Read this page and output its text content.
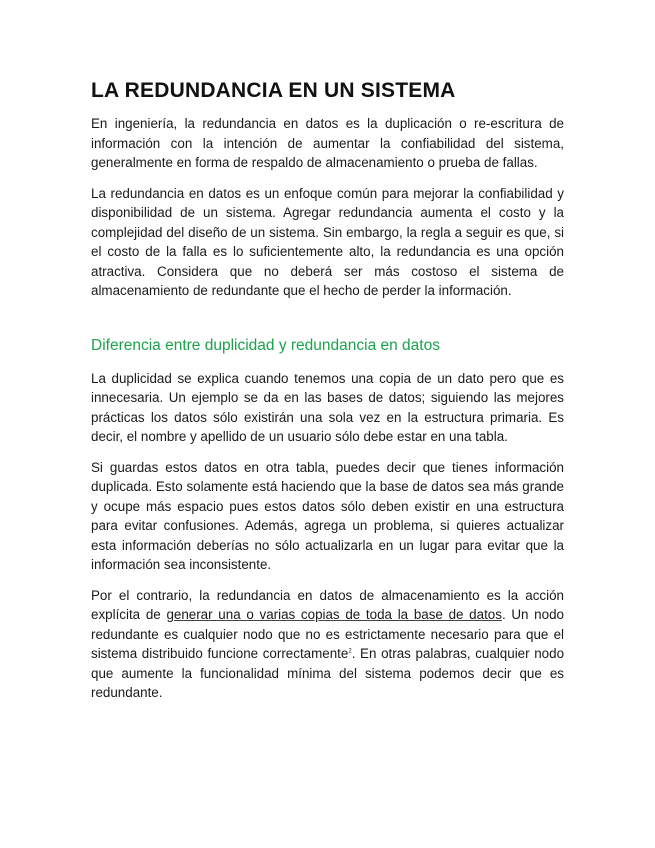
LA REDUNDANCIA EN UN SISTEMA

En ingeniería, la redundancia en datos es la duplicación o re-escritura de información con la intención de aumentar la confiabilidad del sistema, generalmente en forma de respaldo de almacenamiento o prueba de fallas.

La redundancia en datos es un enfoque común para mejorar la confiabilidad y disponibilidad de un sistema. Agregar redundancia aumenta el costo y la complejidad del diseño de un sistema. Sin embargo, la regla a seguir es que, si el costo de la falla es lo suficientemente alto, la redundancia es una opción atractiva. Considera que no deberá ser más costoso el sistema de almacenamiento de redundante que el hecho de perder la información.

Diferencia entre duplicidad y redundancia en datos

La duplicidad se explica cuando tenemos una copia de un dato pero que es innecesaria. Un ejemplo se da en las bases de datos; siguiendo las mejores prácticas los datos sólo existirán una sola vez en la estructura primaria. Es decir, el nombre y apellido de un usuario sólo debe estar en una tabla.

Si guardas estos datos en otra tabla, puedes decir que tienes información duplicada. Esto solamente está haciendo que la base de datos sea más grande y ocupe más espacio pues estos datos sólo deben existir en una estructura para evitar confusiones. Además, agrega un problema, si quieres actualizar esta información deberías no sólo actualizarla en un lugar para evitar que la información sea inconsistente.

Por el contrario, la redundancia en datos de almacenamiento es la acción explícita de generar una o varias copias de toda la base de datos. Un nodo redundante es cualquier nodo que no es estrictamente necesario para que el sistema distribuido funcione correctamente$^2$. En otras palabras, cualquier nodo que aumente la funcionalidad mínima del sistema podemos decir que es redundante.
